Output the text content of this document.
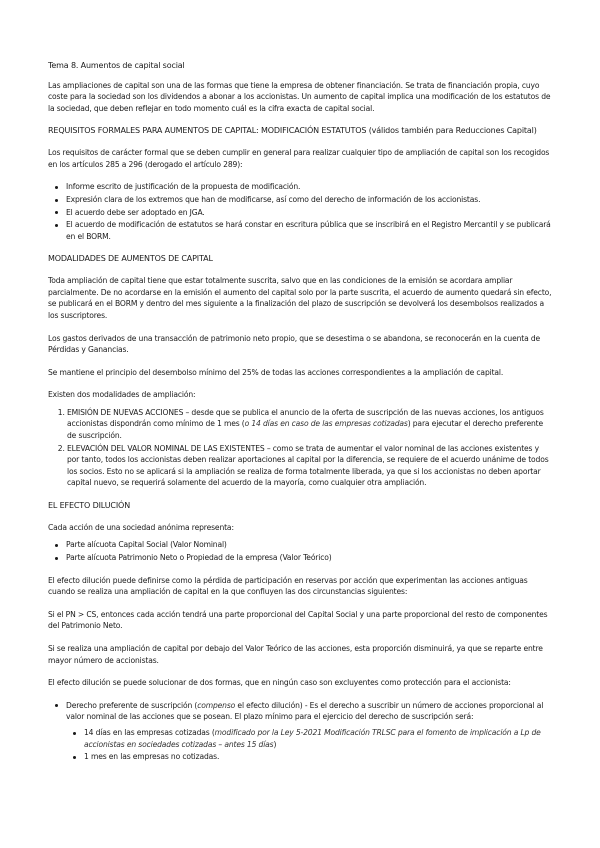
Tema 8. Aumentos de capital social

Las ampliaciones de capital son una de las formas que tiene la empresa de obtener financiación. Se trata de financiación propia, cuyo coste para la sociedad son los dividendos a abonar a los accionistas. Un aumento de capital implica una modificación de los estatutos de la sociedad, que deben reflejar en todo momento cuál es la cifra exacta de capital social.

REQUISITOS FORMALES PARA AUMENTOS DE CAPITAL: MODIFICACIÓN ESTATUTOS (válidos también para Reducciones Capital)

Los requisitos de carácter formal que se deben cumplir en general para realizar cualquier tipo de ampliación de capital son los recogidos en los artículos 285 a 296 (derogado el artículo 289):

Informe escrito de justificación de la propuesta de modificación.
Expresión clara de los extremos que han de modificarse, así como del derecho de información de los accionistas.
El acuerdo debe ser adoptado en JGA.
El acuerdo de modificación de estatutos se hará constar en escritura pública que se inscribirá en el Registro Mercantil y se publicará en el BORM.

MODALIDADES DE AUMENTOS DE CAPITAL

Toda ampliación de capital tiene que estar totalmente suscrita, salvo que en las condiciones de la emisión se acordara ampliar parcialmente. De no acordarse en la emisión el aumento del capital solo por la parte suscrita, el acuerdo de aumento quedará sin efecto, se publicará en el BORM y dentro del mes siguiente a la finalización del plazo de suscripción se devolverá los desembolsos realizados a los suscriptores.

Los gastos derivados de una transacción de patrimonio neto propio, que se desestima o se abandona, se reconocerán en la cuenta de Pérdidas y Ganancias.

Se mantiene el principio del desembolso mínimo del 25% de todas las acciones correspondientes a la ampliación de capital.

Existen dos modalidades de ampliación:

1. EMISIÓN DE NUEVAS ACCIONES – desde que se publica el anuncio de la oferta de suscripción de las nuevas acciones, los antiguos accionistas dispondrán como mínimo de 1 mes (o 14 días en caso de las empresas cotizadas) para ejecutar el derecho preferente de suscripción.
2. ELEVACIÓN DEL VALOR NOMINAL DE LAS EXISTENTES – como se trata de aumentar el valor nominal de las acciones existentes y por tanto, todos los accionistas deben realizar aportaciones al capital por la diferencia, se requiere de el acuerdo unánime de todos los socios. Esto no se aplicará si la ampliación se realiza de forma totalmente liberada, ya que si los accionistas no deben aportar capital nuevo, se requerirá solamente del acuerdo de la mayoría, como cualquier otra ampliación.

EL EFECTO DILUCIÓN

Cada acción de una sociedad anónima representa:

Parte alícuota Capital Social (Valor Nominal)
Parte alícuota Patrimonio Neto o Propiedad de la empresa (Valor Teórico)

El efecto dilución puede definirse como la pérdida de participación en reservas por acción que experimentan las acciones antiguas cuando se realiza una ampliación de capital en la que confluyen las dos circunstancias siguientes:

Si el PN > CS, entonces cada acción tendrá una parte proporcional del Capital Social y una parte proporcional del resto de componentes del Patrimonio Neto.

Si se realiza una ampliación de capital por debajo del Valor Teórico de las acciones, esta proporción disminuirá, ya que se reparte entre mayor número de accionistas.

El efecto dilución se puede solucionar de dos formas, que en ningún caso son excluyentes como protección para el accionista:

Derecho preferente de suscripción (compenso el efecto dilución) - Es el derecho a suscribir un número de acciones proporcional al valor nominal de las acciones que se posean. El plazo mínimo para el ejercicio del derecho de suscripción será:
14 días en las empresas cotizadas (modificado por la Ley 5-2021 Modificación TRLSC para el fomento de implicación a Lp de accionistas en sociedades cotizadas – antes 15 días)
1 mes en las empresas no cotizadas.
